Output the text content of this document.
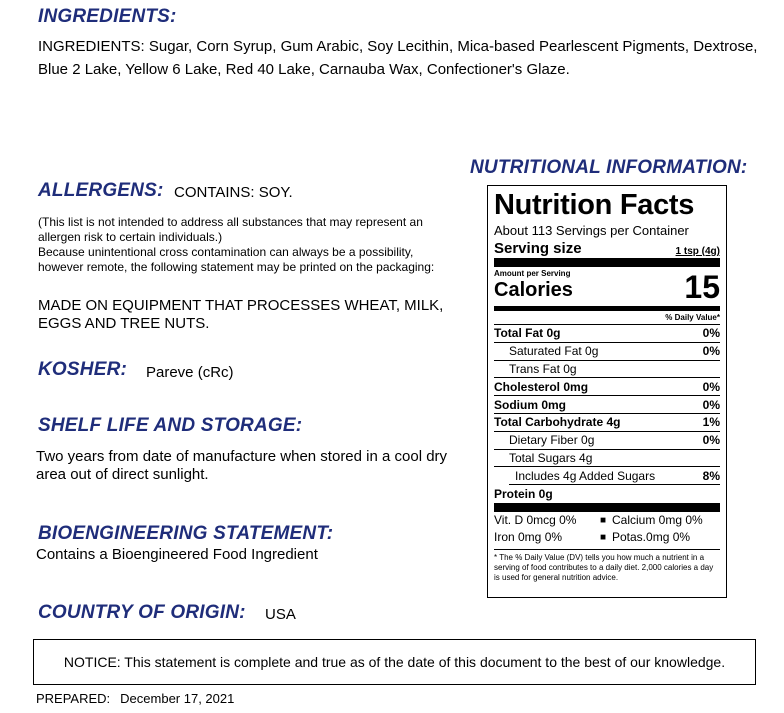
INGREDIENTS:
INGREDIENTS: Sugar, Corn Syrup, Gum Arabic, Soy Lecithin, Mica-based Pearlescent Pigments, Dextrose, Blue 2 Lake, Yellow 6 Lake, Red 40 Lake, Carnauba Wax, Confectioner's Glaze.
NUTRITIONAL INFORMATION:
ALLERGENS: CONTAINS: SOY.
(This list is not intended to address all substances that may represent an allergen risk to certain individuals.)
Because unintentional cross contamination can always be a possibility, however remote, the following statement may be printed on the packaging:
MADE ON EQUIPMENT THAT PROCESSES WHEAT, MILK, EGGS AND TREE NUTS.
KOSHER: Pareve (cRc)
SHELF LIFE AND STORAGE:
Two years from date of manufacture when stored in a cool dry area out of direct sunlight.
BIOENGINEERING STATEMENT:
Contains a Bioengineered Food Ingredient
COUNTRY OF ORIGIN: USA
NOTICE: This statement is complete and true as of the date of this document to the best of our knowledge.
PREPARED: December 17, 2021
Nutrition Facts
About 113 Servings per Container
Serving size	1 tsp (4g)
Amount per Serving
Calories	15
% Daily Value*
Total Fat 0g	0%
Saturated Fat 0g	0%
Trans Fat 0g
Cholesterol 0mg	0%
Sodium 0mg	0%
Total Carbohydrate 4g	1%
Dietary Fiber 0g	0%
Total Sugars 4g
Includes 4g Added Sugars	8%
Protein 0g
Vit. D 0mcg 0%	■ Calcium 0mg 0%
Iron 0mg 0%	■ Potas.0mg 0%
* The % Daily Value (DV) tells you how much a nutrient in a serving of food contributes to a daily diet. 2,000 calories a day is used for general nutrition advice.
